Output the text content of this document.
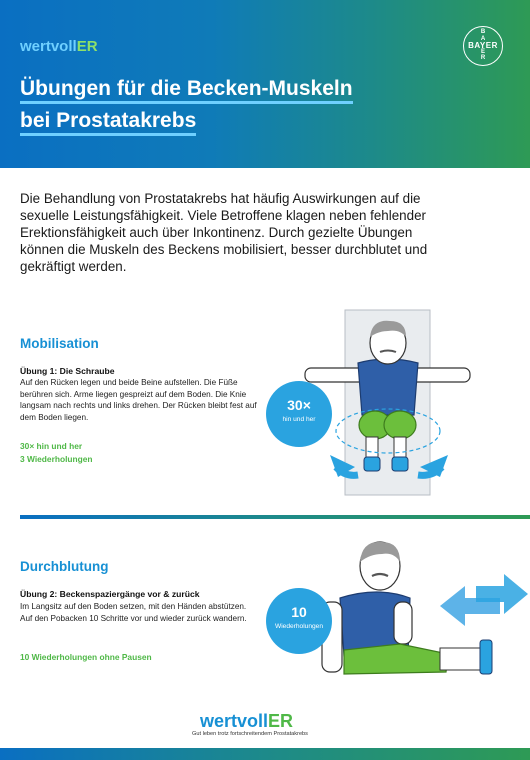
wertvollER
B
A
E
R
BAYER
Übungen für die Becken-Muskeln
bei Prostatakrebs
Die Behandlung von Prostatakrebs hat häufig Auswirkungen auf die sexuelle Leistungsfähigkeit. Viele Betroffene klagen neben fehlender Erektionsfähigkeit auch über Inkontinenz. Durch gezielte Übungen können die Muskeln des Beckens mobilisiert, besser durchblutet und gekräftigt werden.
Mobilisation
Übung 1: Die Schraube
Auf den Rücken legen und beide Beine aufstellen. Die Füße berühren sich. Arme liegen gespreizt auf dem Boden. Die Knie langsam nach rechts und links drehen. Der Rücken bleibt fest auf dem Boden liegen.
30× hin und her
3 Wiederholungen
30×
hin und her
Durchblutung
Übung 2: Beckenspaziergänge vor & zurück
Im Langsitz auf den Boden setzen, mit den Händen abstützen. Auf den Pobacken 10 Schritte vor und wieder zurück wandern.
10 Wiederholungen ohne Pausen
10
Wiederholungen
wertvollER
Gut leben trotz fortschreitendem Prostatakrebs
